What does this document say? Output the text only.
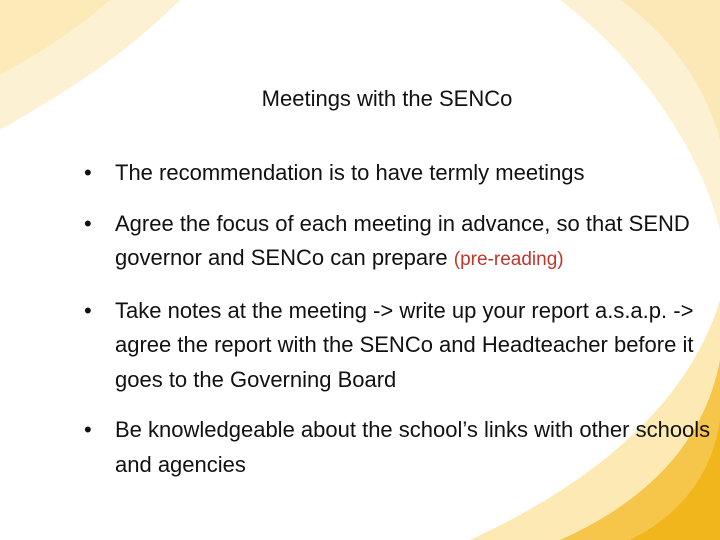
Meetings with the SENCo
• The recommendation is to have termly meetings
• Agree the focus of each meeting in advance, so that SEND governor and SENCo can prepare (pre-reading)
• Take notes at the meeting -> write up your report a.s.a.p. -> agree the report with the SENCo and Headteacher before it goes to the Governing Board
• Be knowledgeable about the school’s links with other schools and agencies
